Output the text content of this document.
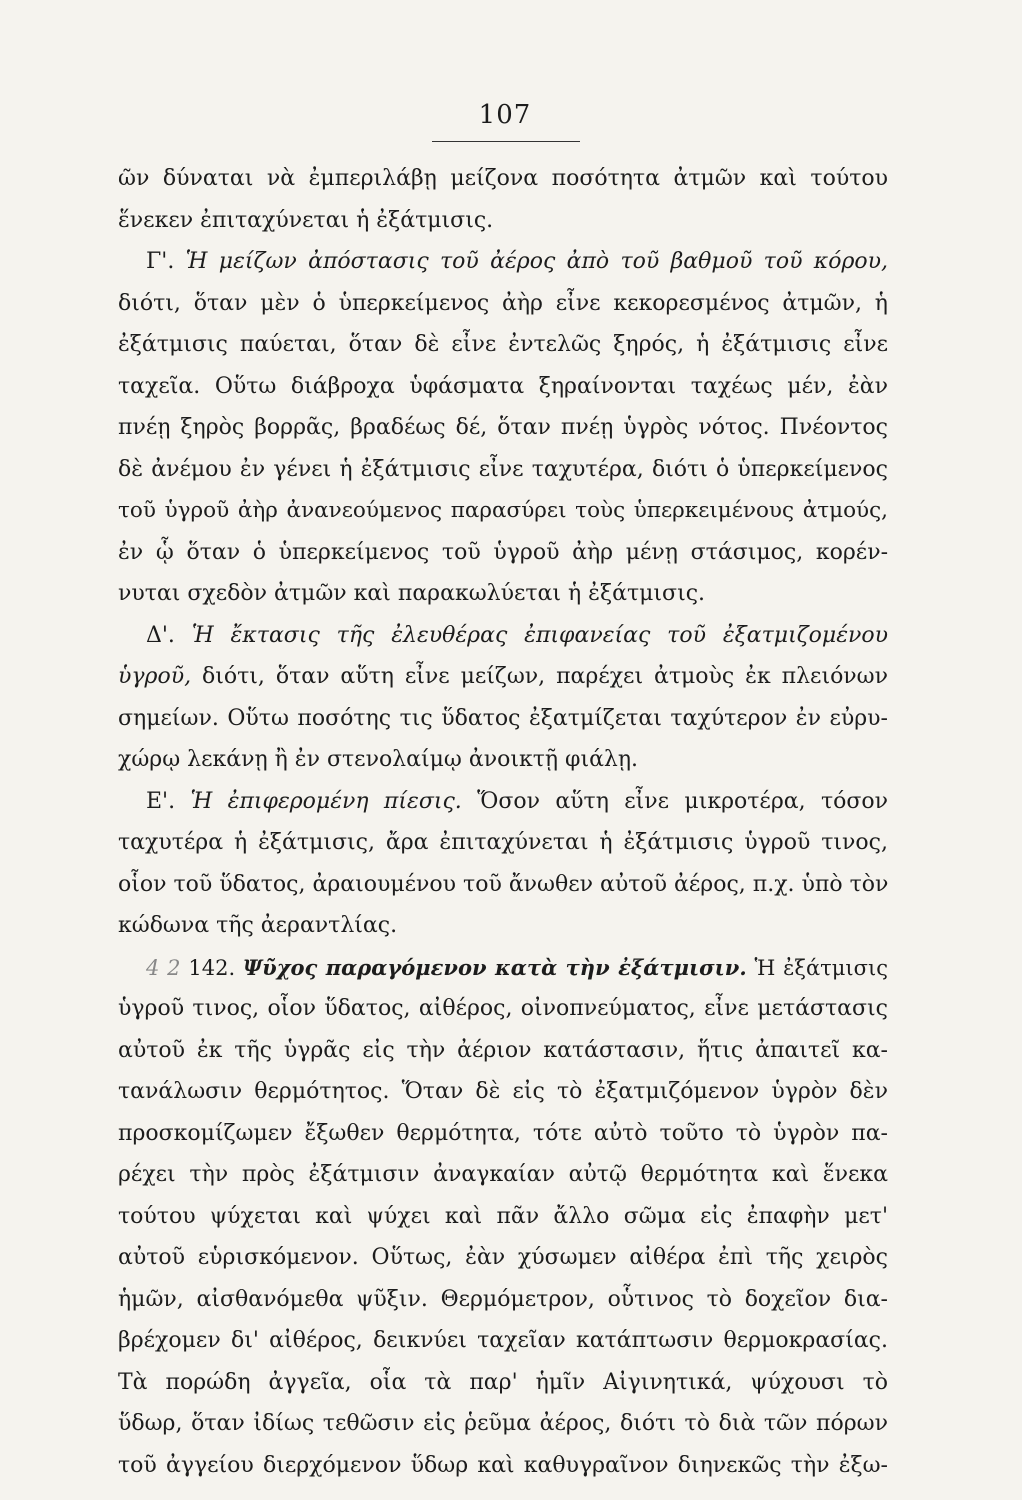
107
ῶν δύναται νὰ ἐμπεριλάβῃ μείζονα ποσότητα ἀτμῶν καὶ τούτου
ἕνεκεν ἐπιταχύνεται ἡ ἐξάτμισις.
Γ'. Ἡ μείζων ἀπόστασις τοῦ ἀέρος ἀπὸ τοῦ βαθμοῦ τοῦ κόρου,
διότι, ὅταν μὲν ὁ ὑπερκείμενος ἀὴρ εἶνε κεκορεσμένος ἀτμῶν, ἡ
ἐξάτμισις παύεται, ὅταν δὲ εἶνε ἐντελῶς ξηρός, ἡ ἐξάτμισις εἶνε
ταχεῖα. Οὕτω διάβροχα ὑφάσματα ξηραίνονται ταχέως μέν, ἐὰν
πνέῃ ξηρὸς βορρᾶς, βραδέως δέ, ὅταν πνέῃ ὑγρὸς νότος. Πνέοντος
δὲ ἀνέμου ἐν γένει ἡ ἐξάτμισις εἶνε ταχυτέρα, διότι ὁ ὑπερκείμενος
τοῦ ὑγροῦ ἀὴρ ἀνανεούμενος παρασύρει τοὺς ὑπερκειμένους ἀτμούς,
ἐν ᾧ ὅταν ὁ ὑπερκείμενος τοῦ ὑγροῦ ἀὴρ μένῃ στάσιμος, κορέν-
νυται σχεδὸν ἀτμῶν καὶ παρακωλύεται ἡ ἐξάτμισις.
Δ'. Ἡ ἔκτασις τῆς ἐλευθέρας ἐπιφανείας τοῦ ἐξατμιζομένου
ὑγροῦ, διότι, ὅταν αὕτη εἶνε μείζων, παρέχει ἀτμοὺς ἐκ πλειόνων
σημείων. Οὕτω ποσότης τις ὕδατος ἐξατμίζεται ταχύτερον ἐν εὐρυ-
χώρῳ λεκάνῃ ἢ ἐν στενολαίμῳ ἀνοικτῇ φιάλῃ.
Ε'. Ἡ ἐπιφερομένη πίεσις. Ὅσον αὕτη εἶνε μικροτέρα, τόσον
ταχυτέρα ἡ ἐξάτμισις, ἄρα ἐπιταχύνεται ἡ ἐξάτμισις ὑγροῦ τινος,
οἷον τοῦ ὕδατος, ἀραιουμένου τοῦ ἄνωθεν αὐτοῦ ἀέρος, π.χ. ὑπὸ τὸν
κώδωνα τῆς ἀεραντλίας.
4 2 142. Ψῦχος παραγόμενον κατὰ τὴν ἐξάτμισιν. Ἡ ἐξάτμισις
ὑγροῦ τινος, οἷον ὕδατος, αἰθέρος, οἰνοπνεύματος, εἶνε μετάστασις
αὐτοῦ ἐκ τῆς ὑγρᾶς εἰς τὴν ἀέριον κατάστασιν, ἥτις ἀπαιτεῖ κα-
τανάλωσιν θερμότητος. Ὅταν δὲ εἰς τὸ ἐξατμιζόμενον ὑγρὸν δὲν
προσκομίζωμεν ἔξωθεν θερμότητα, τότε αὐτὸ τοῦτο τὸ ὑγρὸν πα-
ρέχει τὴν πρὸς ἐξάτμισιν ἀναγκαίαν αὐτῷ θερμότητα καὶ ἕνεκα
τούτου ψύχεται καὶ ψύχει καὶ πᾶν ἄλλο σῶμα εἰς ἐπαφὴν μετ'
αὐτοῦ εὑρισκόμενον. Οὕτως, ἐὰν χύσωμεν αἰθέρα ἐπὶ τῆς χειρὸς
ἡμῶν, αἰσθανόμεθα ψῦξιν. Θερμόμετρον, οὗτινος τὸ δοχεῖον δια-
βρέχομεν δι' αἰθέρος, δεικνύει ταχεῖαν κατάπτωσιν θερμοκρασίας.
Τὰ πορώδη ἀγγεῖα, οἷα τὰ παρ' ἡμῖν Αἰγινητικά, ψύχουσι τὸ
ὕδωρ, ὅταν ἰδίως τεθῶσιν εἰς ῥεῦμα ἀέρος, διότι τὸ διὰ τῶν πόρων
τοῦ ἀγγείου διερχόμενον ὕδωρ καὶ καθυγραῖνον διηνεκῶς τὴν ἐξω-
